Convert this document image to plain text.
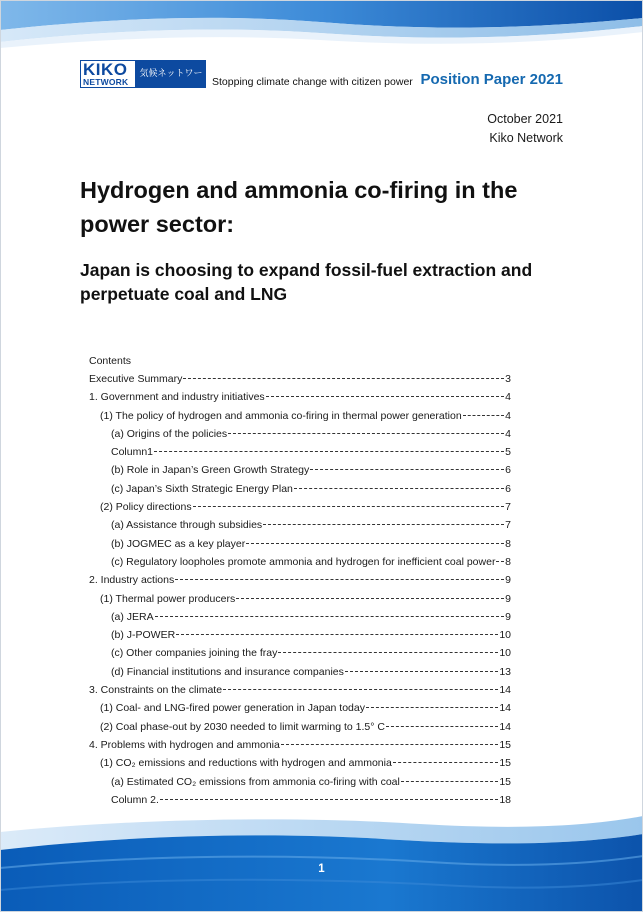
KIKO
NETWORK
気候ネットワーク
Stopping climate change with citizen power Position Paper 2021
October 2021
Kiko Network
Hydrogen and ammonia co-firing in the power sector:
Japan is choosing to expand fossil-fuel extraction and perpetuate coal and LNG
Contents
Executive Summary	3
1. Government and industry initiatives	4
(1) The policy of hydrogen and ammonia co-firing in thermal power generation	4
(a) Origins of the policies	4
Column1	5
(b) Role in Japan’s Green Growth Strategy	6
(c) Japan’s Sixth Strategic Energy Plan	6
(2) Policy directions	7
(a) Assistance through subsidies	7
(b) JOGMEC as a key player	8
(c) Regulatory loopholes promote ammonia and hydrogen for inefficient coal power 8
2. Industry actions	9
(1) Thermal power producers	9
(a) JERA	9
(b) J-POWER	10
(c) Other companies joining the fray	10
(d) Financial institutions and insurance companies	13
3. Constraints on the climate	14
(1) Coal- and LNG-fired power generation in Japan today	14
(2) Coal phase-out by 2030 needed to limit warming to 1.5° C	14
4. Problems with hydrogen and ammonia	15
(1) CO₂ emissions and reductions with hydrogen and ammonia	15
(a) Estimated CO₂ emissions from ammonia co-firing with coal	15
Column 2.	18
1
